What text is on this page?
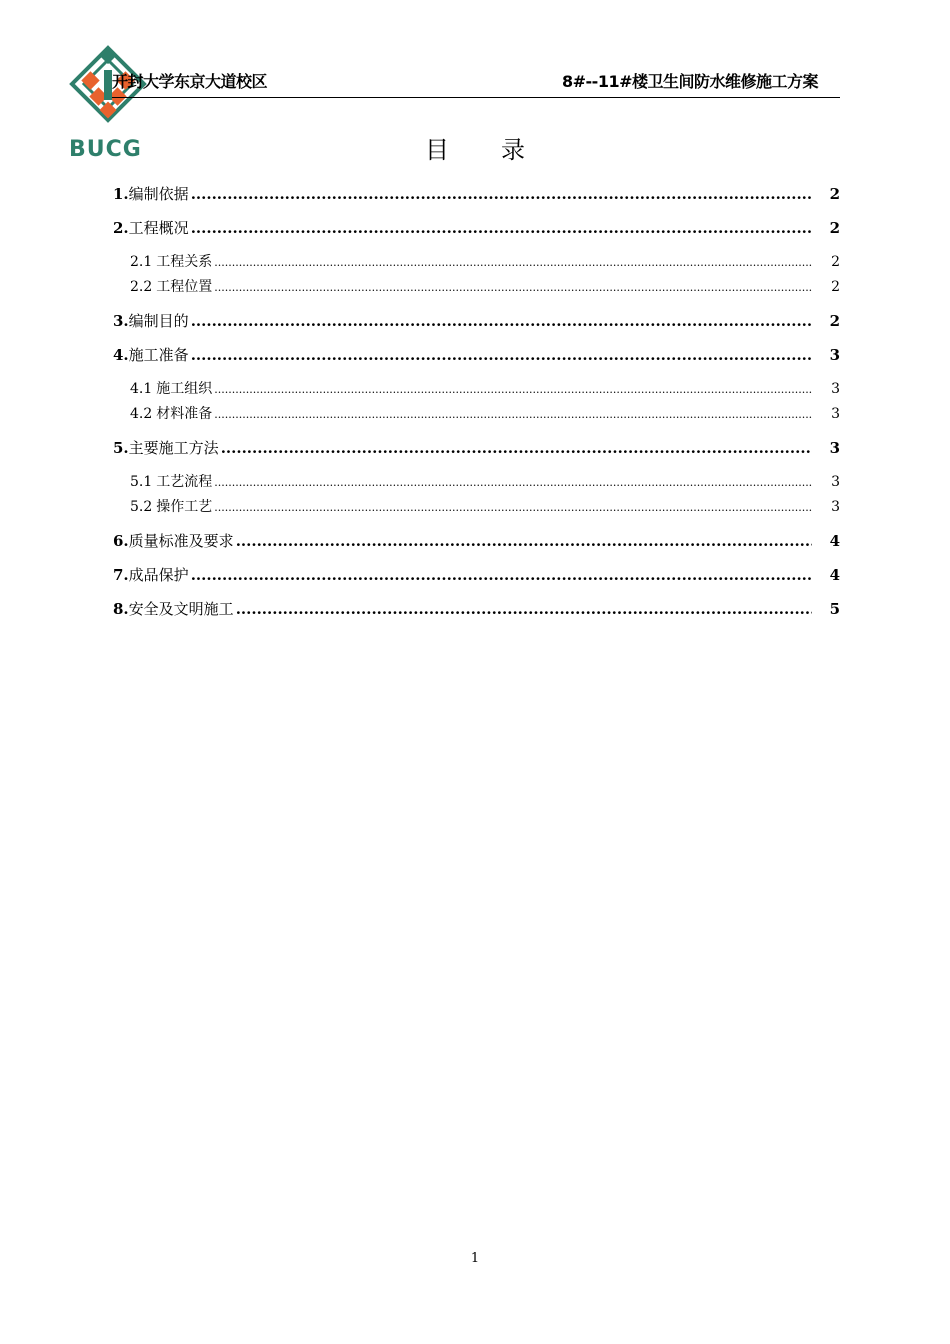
BUCG
开封大学东京大道校区	8#--11#楼卫生间防水维修施工方案
目录
1. 编制依据 .....	2
2. 工程概况 .....	2
2.1 工程关系 .....	2
2.2 工程位置 .....	2
3. 编制目的 .....	2
4. 施工准备 .....	3
4.1 施工组织 .....	3
4.2 材料准备 .....	3
5. 主要施工方法 .....	3
5.1 工艺流程 .....	3
5.2 操作工艺 .....	3
6. 质量标准及要求 .....	4
7. 成品保护 .....	4
8. 安全及文明施工 .....	5
1
